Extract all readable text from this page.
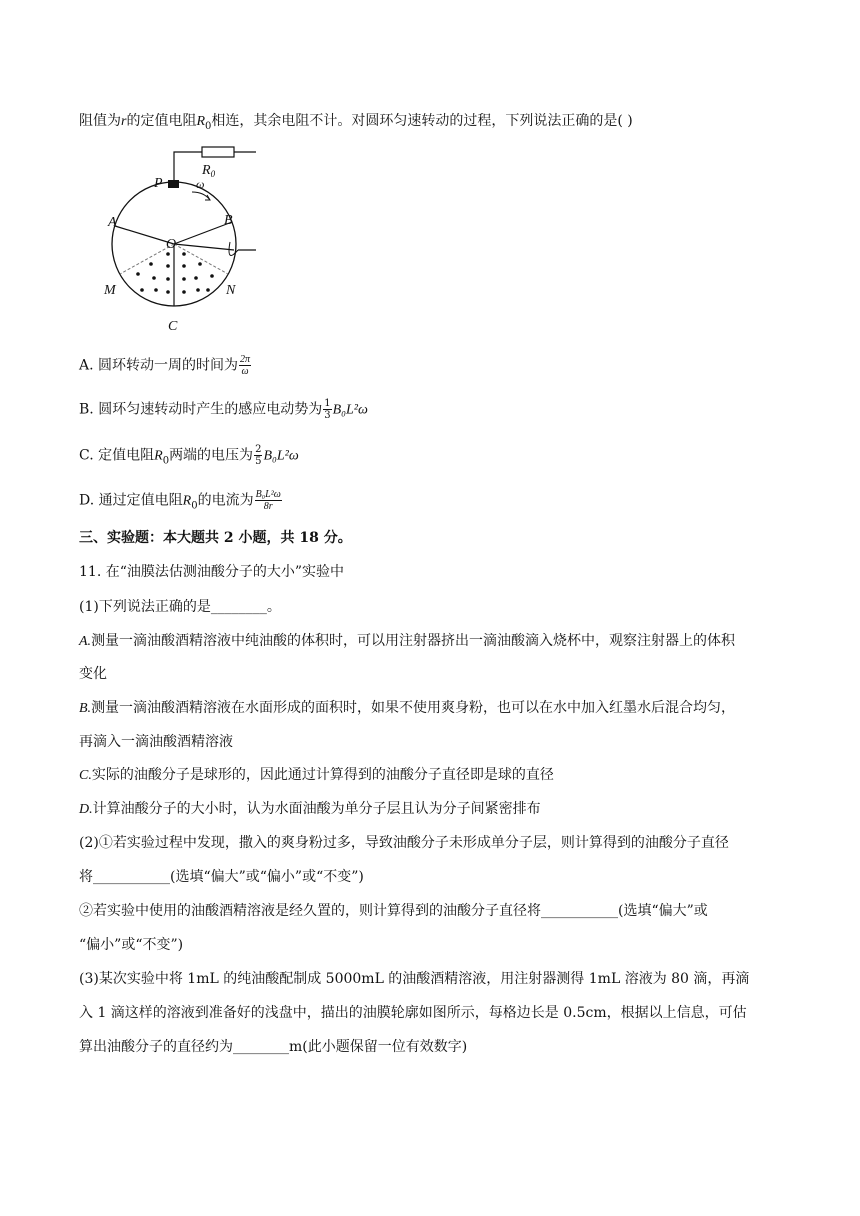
阻值为r的定值电阻$R_0$相连，其余电阻不计。对圆环匀速转动的过程，下列说法正确的是( )
$R_0$
P	ω
A	B
O
M	N
C
A. 圆环转动一周的时间为 $\frac{2\pi}{\omega}$
B. 圆环匀速转动时产生的感应电动势为 $\frac{1}{3} B_0L^2\omega$
C. 定值电阻$R_0$两端的电压为 $\frac{2}{5} B_0L^2\omega$
D. 通过定值电阻$R_0$的电流为 $\frac{\text{B₀L²ω}}{8r}$
三、实验题：本大题共 2 小题，共 18 分。
11. 在“油膜法估测油酸分子的大小”实验中
(1)下列说法正确的是________。
A.测量一滴油酸酒精溶液中纯油酸的体积时，可以用注射器挤出一滴油酸滴入烧杯中，观察注射器上的体积
变化
B.测量一滴油酸酒精溶液在水面形成的面积时，如果不使用爽身粉，也可以在水中加入红墨水后混合均匀，
再滴入一滴油酸酒精溶液
C.实际的油酸分子是球形的，因此通过计算得到的油酸分子直径即是球的直径
D.计算油酸分子的大小时，认为水面油酸为单分子层且认为分子间紧密排布
(2)①若实验过程中发现，撒入的爽身粉过多，导致油酸分子未形成单分子层，则计算得到的油酸分子直径
将___________(选填“偏大”或“偏小”或“不变”)
②若实验中使用的油酸酒精溶液是经久置的，则计算得到的油酸分子直径将___________(选填“偏大”或
“偏小”或“不变”)
(3)某次实验中将 1mL 的纯油酸配制成 5000mL 的油酸酒精溶液，用注射器测得 1mL 溶液为 80 滴，再滴
入 1 滴这样的溶液到准备好的浅盘中，描出的油膜轮廓如图所示，每格边长是 0.5cm，根据以上信息，可估
算出油酸分子的直径约为________m(此小题保留一位有效数字)
